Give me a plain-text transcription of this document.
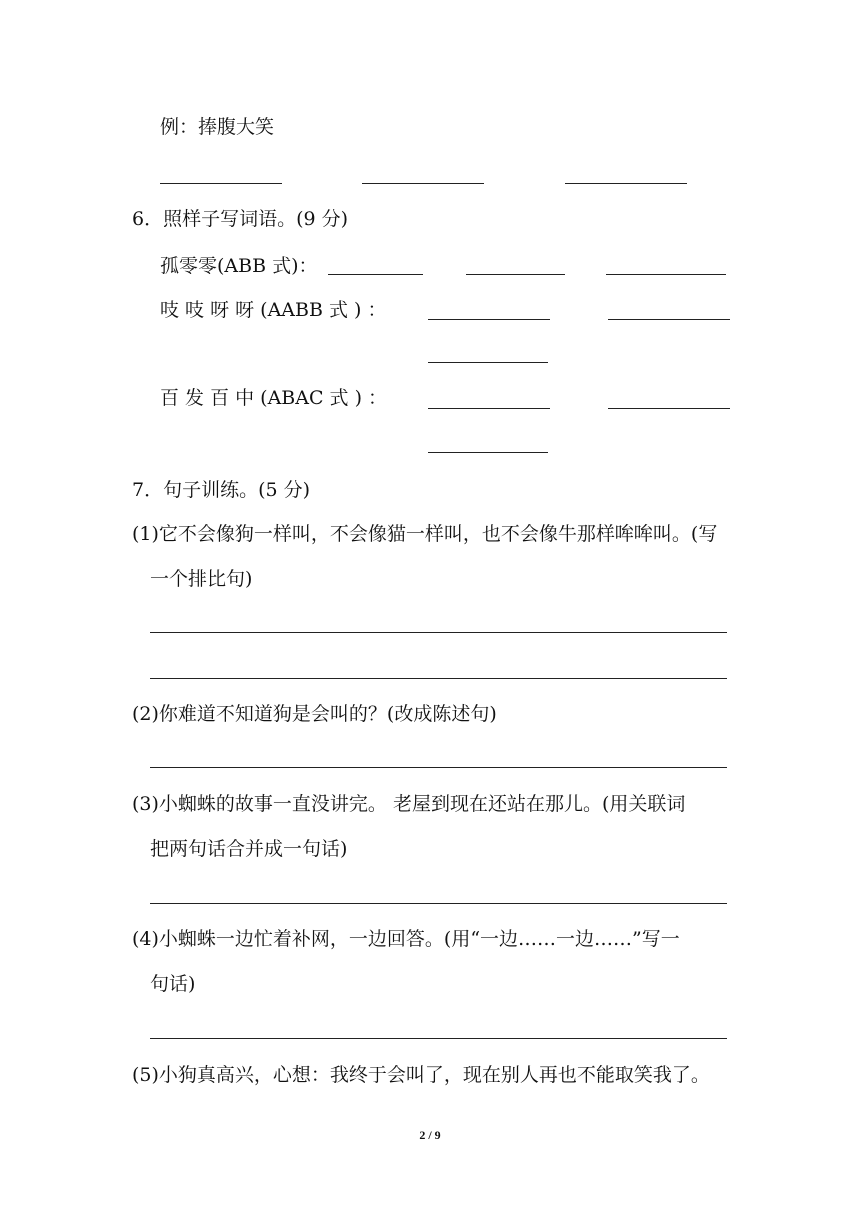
例：捧腹大笑
6．照样子写词语。(9 分)
孤零零(ABB 式)：
吱 吱 呀 呀 (AABB 式 ) ：
百 发 百 中 (ABAC 式 ) ：
7．句子训练。(5 分)
(1)它不会像狗一样叫，不会像猫一样叫，也不会像牛那样哞哞叫。(写
一个排比句)
(2)你难道不知道狗是会叫的？(改成陈述句)
(3)小蜘蛛的故事一直没讲完。 老屋到现在还站在那儿。(用关联词
把两句话合并成一句话)
(4)小蜘蛛一边忙着补网，一边回答。(用“一边……一边……”写一
句话)
(5)小狗真高兴，心想：我终于会叫了，现在别人再也不能取笑我了。
2 / 9
